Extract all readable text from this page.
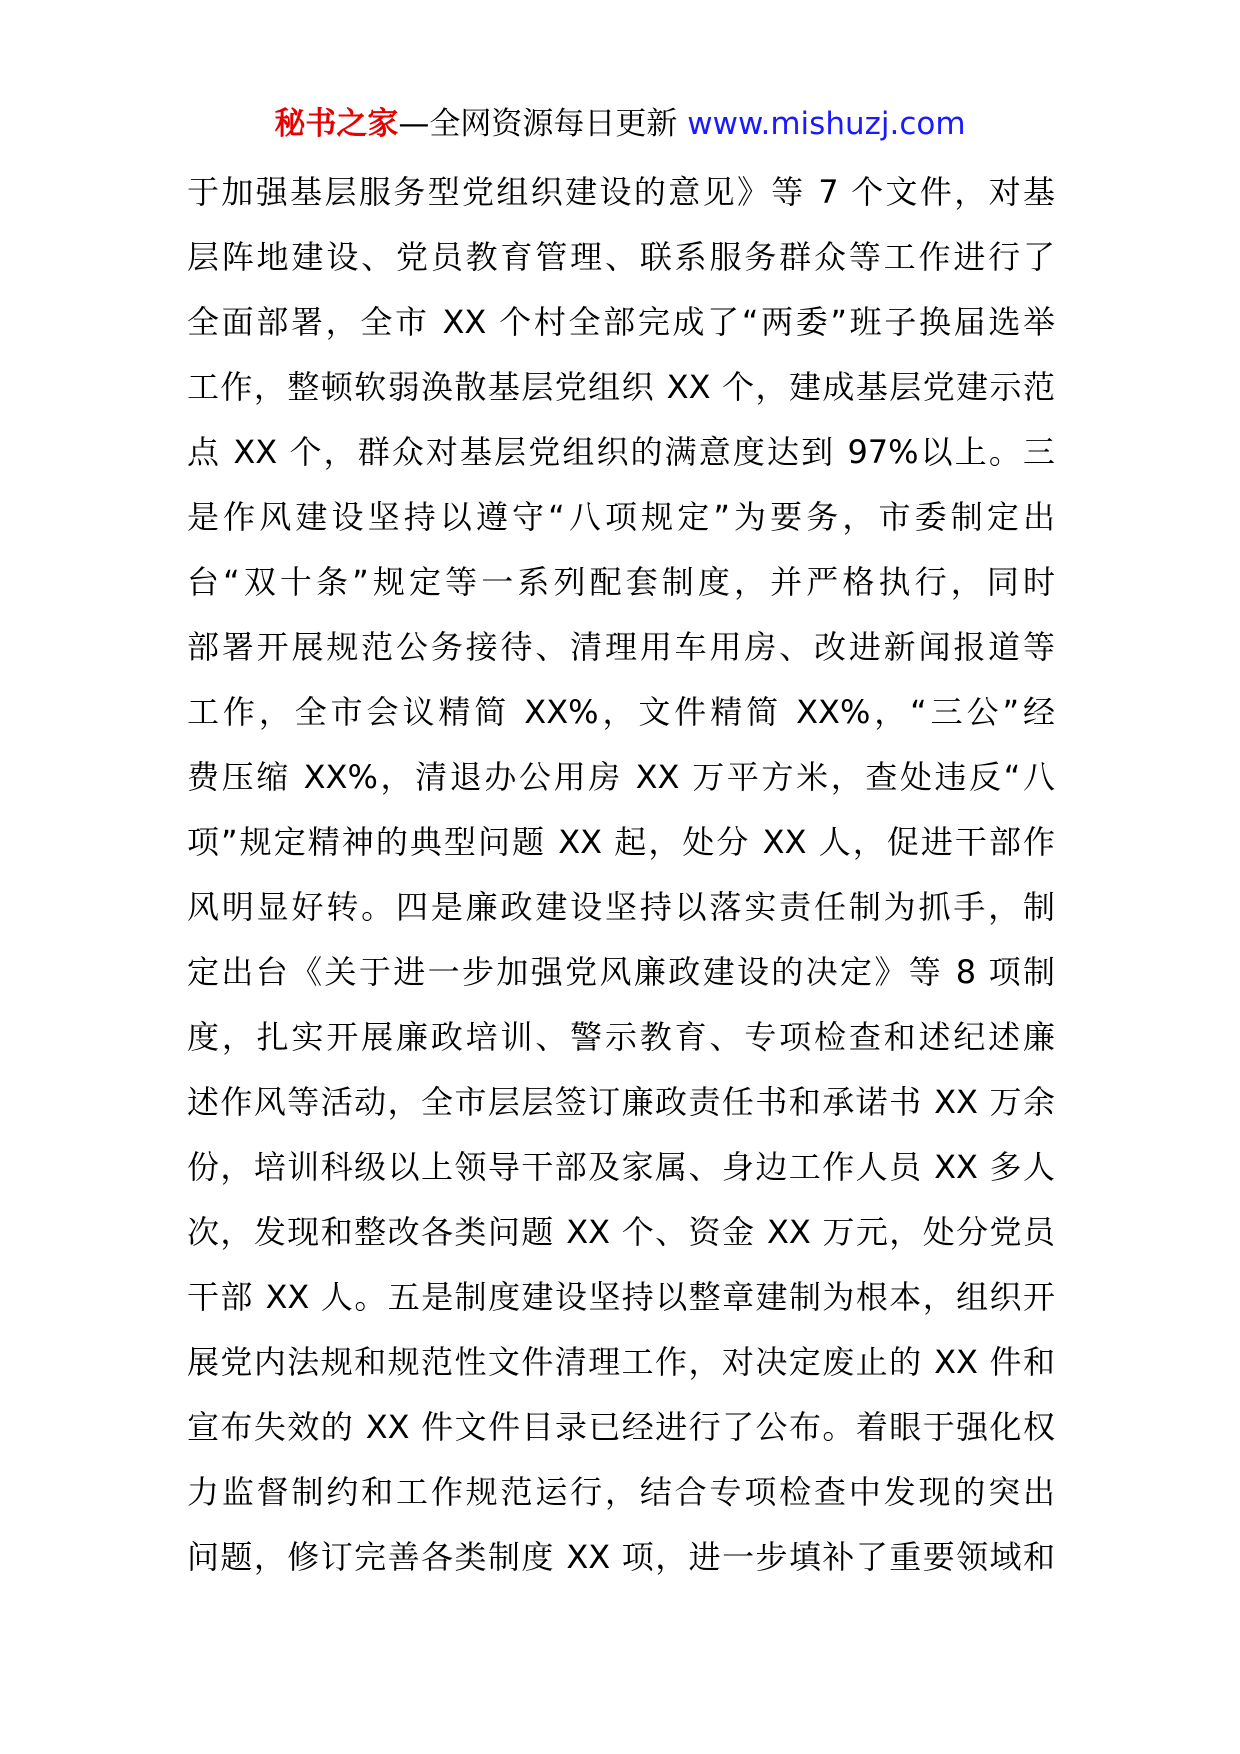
秘书之家—全网资源每日更新 www.mishuzj.com
于加强基层服务型党组织建设的意见》等 7 个文件，对基
层阵地建设、党员教育管理、联系服务群众等工作进行了
全面部署，全市 XX 个村全部完成了“两委”班子换届选举
工作，整顿软弱涣散基层党组织 XX 个，建成基层党建示范
点 XX 个，群众对基层党组织的满意度达到 97%以上。三
是作风建设坚持以遵守“八项规定”为要务，市委制定出
台“双十条”规定等一系列配套制度，并严格执行，同时
部署开展规范公务接待、清理用车用房、改进新闻报道等
工作，全市会议精简 XX%，文件精简 XX%，“三公”经
费压缩 XX%，清退办公用房 XX 万平方米，查处违反“八
项”规定精神的典型问题 XX 起，处分 XX 人，促进干部作
风明显好转。四是廉政建设坚持以落实责任制为抓手，制
定出台《关于进一步加强党风廉政建设的决定》等 8 项制
度，扎实开展廉政培训、警示教育、专项检查和述纪述廉
述作风等活动，全市层层签订廉政责任书和承诺书 XX 万余
份，培训科级以上领导干部及家属、身边工作人员 XX 多人
次，发现和整改各类问题 XX 个、资金 XX 万元，处分党员
干部 XX 人。五是制度建设坚持以整章建制为根本，组织开
展党内法规和规范性文件清理工作，对决定废止的 XX 件和
宣布失效的 XX 件文件目录已经进行了公布。着眼于强化权
力监督制约和工作规范运行，结合专项检查中发现的突出
问题，修订完善各类制度 XX 项，进一步填补了重要领域和
